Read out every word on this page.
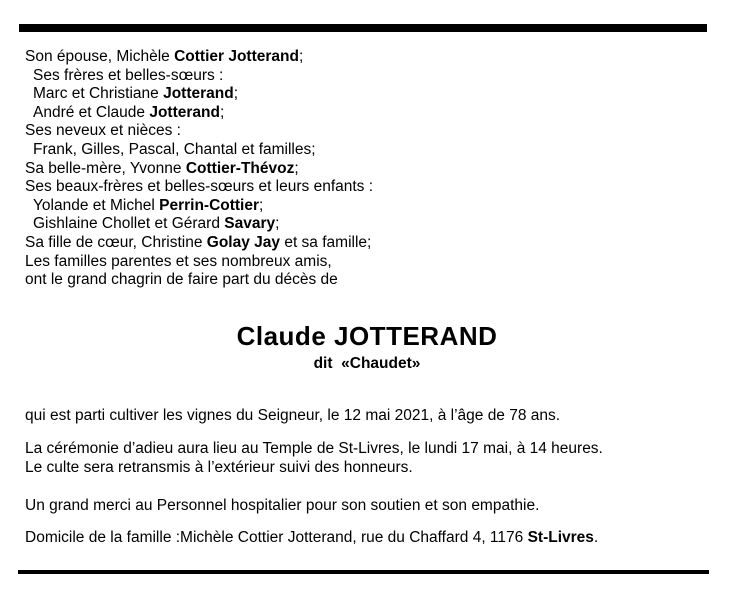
Son épouse, Michèle Cottier Jotterand;
Ses frères et belles-sœurs :
Marc et Christiane Jotterand;
André et Claude Jotterand;
Ses neveux et nièces :
Frank, Gilles, Pascal, Chantal et familles;
Sa belle-mère, Yvonne Cottier-Thévoz;
Ses beaux-frères et belles-sœurs et leurs enfants :
Yolande et Michel Perrin-Cottier;
Gishlaine Chollet et Gérard Savary;
Sa fille de cœur, Christine Golay Jay et sa famille;
Les familles parentes et ses nombreux amis,
ont le grand chagrin de faire part du décès de
Claude JOTTERAND
dit  «Chaudet»
qui est parti cultiver les vignes du Seigneur, le 12 mai 2021, à l’âge de 78 ans.
La cérémonie d’adieu aura lieu au Temple de St-Livres, le lundi 17 mai, à 14 heures.
Le culte sera retransmis à l’extérieur suivi des honneurs.
Un grand merci au Personnel hospitalier pour son soutien et son empathie.
Domicile de la famille :Michèle Cottier Jotterand, rue du Chaffard 4, 1176 St-Livres.
